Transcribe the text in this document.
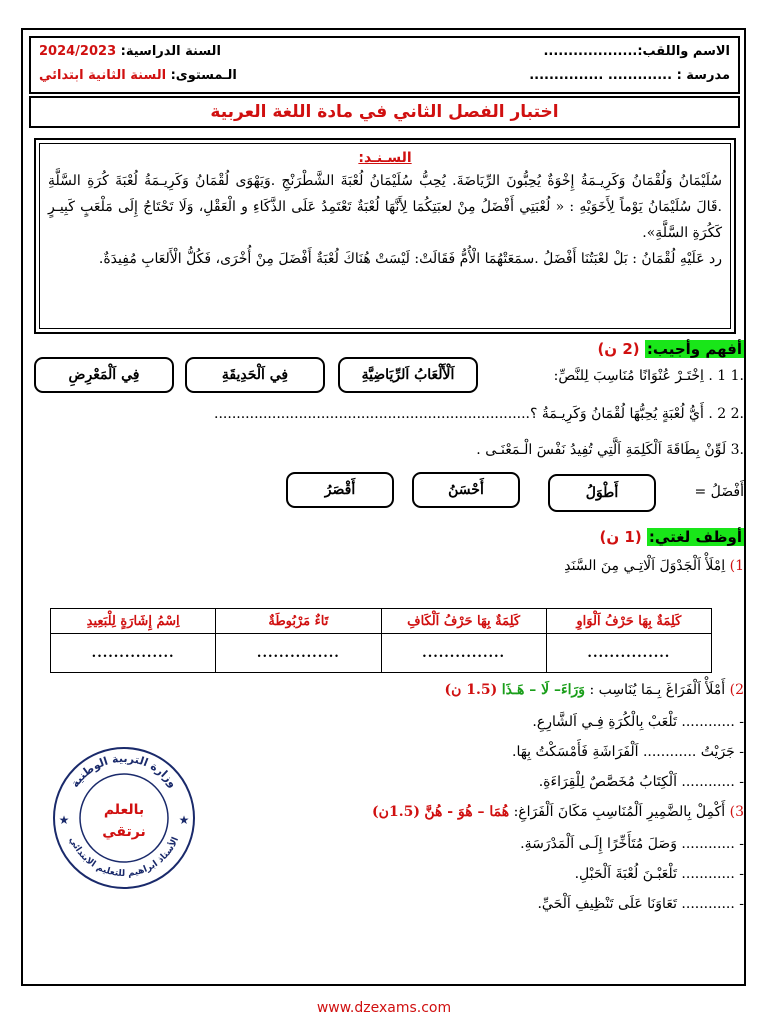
الاسم واللقب:...................
السنة الدراسية: 2024/2023
مدرسة : ............. ...............
الـمستوى: السنة الثانية ابتدائي
اختبار الفصل الثاني في مادة اللغة العربية
السـنـد:

سُلَيْمَانُ وَلُقْمَانُ وَكَرِيـمَةُ إِخْوَةٌ يُحِبُّونَ الرِّيَاضَةَ. يُحِبُّ سُلَيْمَانُ لُعْبَةَ الشَّطْرَنْجِ .وَيَهْوَى لُقْمَانُ وَكَرِيـمَةُ لُعْبَةَ كُرَةِ السَّلَّةِ .قَالَ سُلَيْمَانُ يَوْماً لِأَخَوَيْهِ : « لُعْبَتِي أَفْضَلُ مِنْ لعبَتِكُمَا لِأَنَّهَا لُعْبَةٌ تَعْتَمِدُ عَلَى الذَّكَاءِ و الْعَقْلِ، وَلَا تَحْتَاجُ إِلَى مَلْعَبٍ كَبِيـرٍ كَكُرَةِ السَّلَّةِ».

رد عَلَيْهِ لُقْمَانُ : بَلْ لعْبَتُنَا أَفْضَلُ .سمَعَتْهُمَا الْأُمُّ فَقَالَتْ: لَيْسَتْ هُنَاكَ لُعْبَةٌ أَفْضَلَ مِنْ أُخْرَى، فَكُلُّ الْأَلعَابِ مُفِيدَةٌ.

أفهم وأجيب: (2 ن)
.1 1 . اِخْتَـرْ عُنْوَانًا مُنَاسِبَ لِلنَّصِّ:
اَلْأَلْعَابُ اَلرِّيَاضِيَّةِ
فِي اَلْحَدِيقَةِ
فِي اَلْمَعْرِضِ
.2 2 . أَيُّ لُعْبَةٍ يُحِبُّهَا لُقْمَانُ وَكَرِيـمَةُ ؟.......................................................................
.3 لَوِّنْ بِطَاقَةَ اَلْكَلِمَةِ اَلَّتِي تُفِيدُ نَفْسَ الْـمَعْنَـى .
أَفْضَلُ =
أَطْوَلُ
أَحْسَنُ
أَقْصَرُ
أوظف لغتي: (1 ن)
1) اِمْلَأْ اَلْجَدْوَلَ اَلْاتِـي مِنَ السَّنَدِ
كَلِمَةٌ بِهَا حَرْفُ اَلْوَاوِ	كَلِمَةٌ بِهَا حَرْفُ اَلْكَافِ	تَاءٌ مَرْبُوطَةٌ	اِسْمُ إِشَارَةٍ لِلْبَعِيدِ
...............	...............	...............	...............
2) أَمْلَأْ اَلْفَرَاغَ بِـمَا يُنَاسِب : وَرَاءَ– لَا – هَـذَا (1.5 ن)
- ............ تَلْعَبْ بِالْكُرَةِ فِـي اَلشَّارِعِ.
- جَرَيْتُ ............ اَلْفَرَاشَةِ فَأَمْسَكْتُ بِهَا.
- ............ اَلْكِتَابُ مُخَصَّصٌ لِلْقِرَاءَةِ.
3) أَكْمِلْ بِالضَّمِيرِ اَلْمُنَاسِبِ مَكَانَ اَلْفَرَاغِ: هُمَا – هُوَ - هُنَّ (1.5ن)
- ............ وَصَلَ مُتَأَخِّرًا إِلَـى اَلْمَدْرَسَةِ.
- ............ تَلْعَبْـنَ لُعْبَةَ اَلْحَبْلِ.
- ............ تَعَاوَنَا عَلَى تَنْظِيفِ اَلْحَيِّ.
وزارة التربية الوطنية
الأستاذ ابراهيم للتعليم الابتدائي
بالعلم
نرتقي
★	★
www.dzexams.com
